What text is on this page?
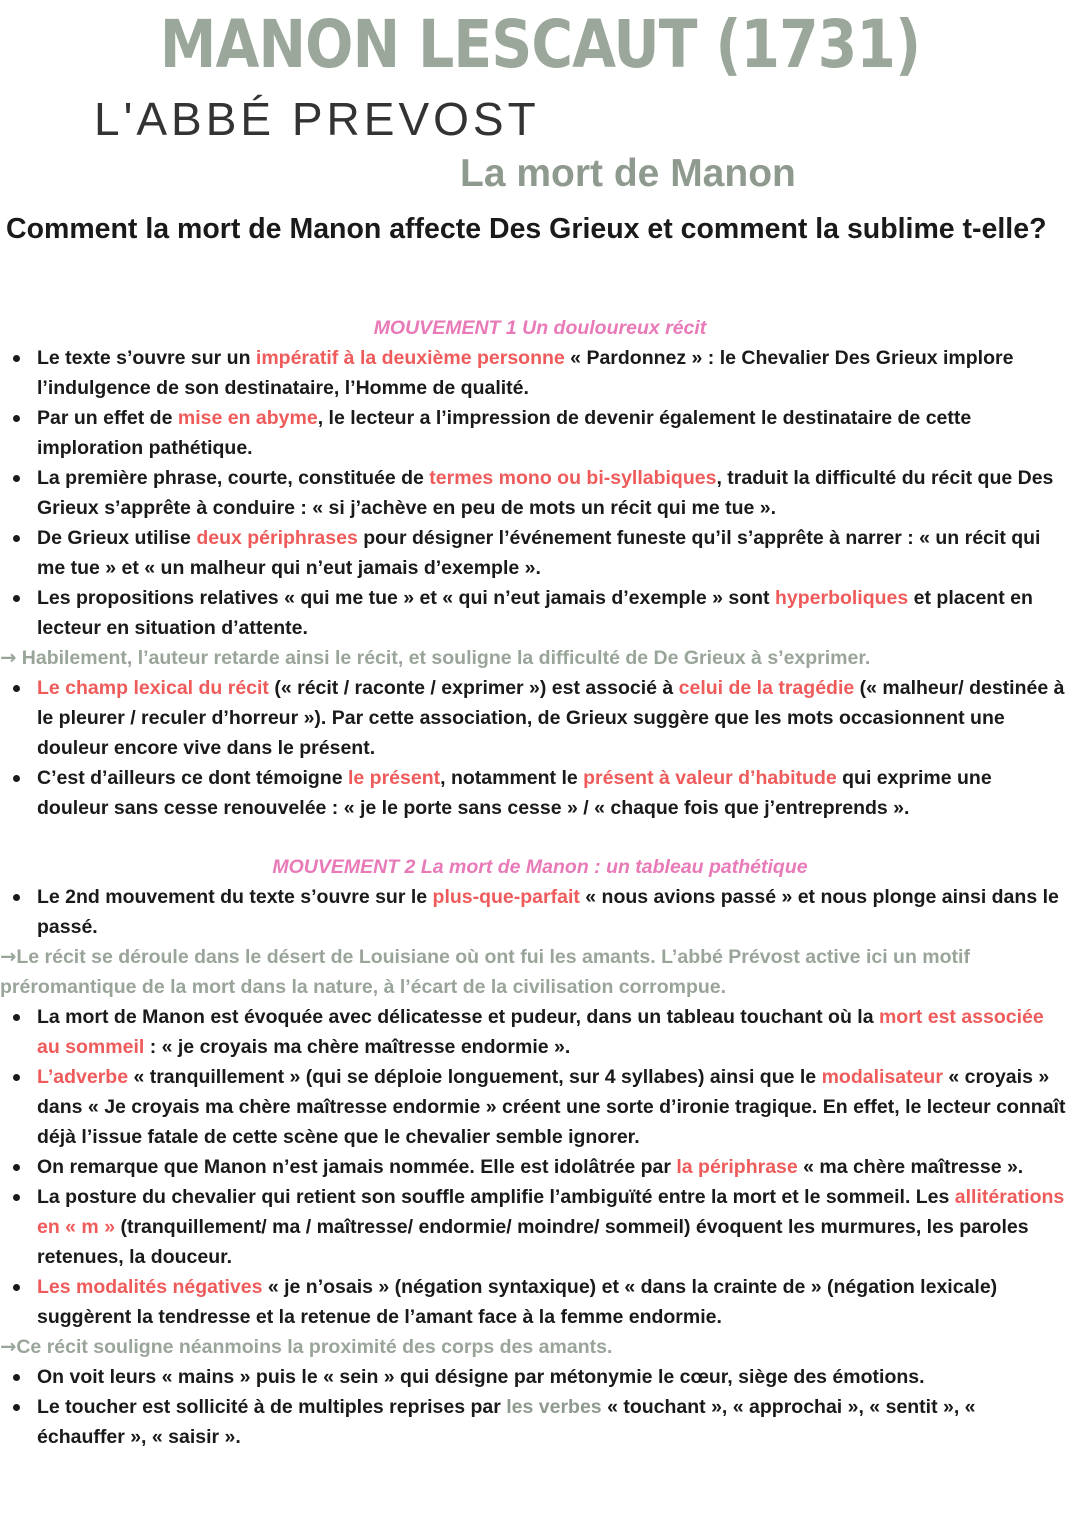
MANON LESCAUT (1731)
L'ABBÉ PREVOST
La mort de Manon
Comment la mort de Manon affecte Des Grieux et comment la sublime t-elle?
MOUVEMENT 1 Un douloureux récit
Le texte s’ouvre sur un impératif à la deuxième personne « Pardonnez » : le Chevalier Des Grieux implore l’indulgence de son destinataire, l’Homme de qualité.
Par un effet de mise en abyme, le lecteur a l’impression de devenir également le destinataire de cette imploration pathétique.
La première phrase, courte, constituée de termes mono ou bi-syllabiques, traduit la difficulté du récit que Des Grieux s’apprête à conduire : « si j’achève en peu de mots un récit qui me tue ».
De Grieux utilise deux périphrases pour désigner l’événement funeste qu’il s’apprête à narrer : « un récit qui me tue » et « un malheur qui n’eut jamais d’exemple ».
Les propositions relatives « qui me tue » et « qui n’eut jamais d’exemple » sont hyperboliques et placent en lecteur en situation d’attente.
→ Habilement, l’auteur retarde ainsi le récit, et souligne la difficulté de De Grieux à s’exprimer.
Le champ lexical du récit (« récit / raconte / exprimer ») est associé à celui de la tragédie (« malheur/ destinée à le pleurer / reculer d’horreur »). Par cette association, de Grieux suggère que les mots occasionnent une douleur encore vive dans le présent.
C’est d’ailleurs ce dont témoigne le présent, notamment le présent à valeur d’habitude qui exprime une douleur sans cesse renouvelée : « je le porte sans cesse » / « chaque fois que j’entreprends ».
MOUVEMENT 2 La mort de Manon : un tableau pathétique
Le 2nd mouvement du texte s’ouvre sur le plus-que-parfait « nous avions passé » et nous plonge ainsi dans le passé.
→Le récit se déroule dans le désert de Louisiane où ont fui les amants. L’abbé Prévost active ici un motif préromantique de la mort dans la nature, à l’écart de la civilisation corrompue.
La mort de Manon est évoquée avec délicatesse et pudeur, dans un tableau touchant où la mort est associée au sommeil : « je croyais ma chère maîtresse endormie ».
L’adverbe « tranquillement » (qui se déploie longuement, sur 4 syllabes) ainsi que le modalisateur « croyais » dans « Je croyais ma chère maîtresse endormie » créent une sorte d’ironie tragique. En effet, le lecteur connaît déjà l’issue fatale de cette scène que le chevalier semble ignorer.
On remarque que Manon n’est jamais nommée. Elle est idolâtrée par la périphrase « ma chère maîtresse ».
La posture du chevalier qui retient son souffle amplifie l’ambiguïté entre la mort et le sommeil. Les allitérations en « m » (tranquillement/ ma / maîtresse/ endormie/ moindre/ sommeil) évoquent les murmures, les paroles retenues, la douceur.
Les modalités négatives « je n’osais » (négation syntaxique) et « dans la crainte de » (négation lexicale) suggèrent la tendresse et la retenue de l’amant face à la femme endormie.
→Ce récit souligne néanmoins la proximité des corps des amants.
On voit leurs « mains » puis le « sein » qui désigne par métonymie le cœur, siège des émotions.
Le toucher est sollicité à de multiples reprises par les verbes « touchant », « approchai », « sentit », « échauffer », « saisir ».
